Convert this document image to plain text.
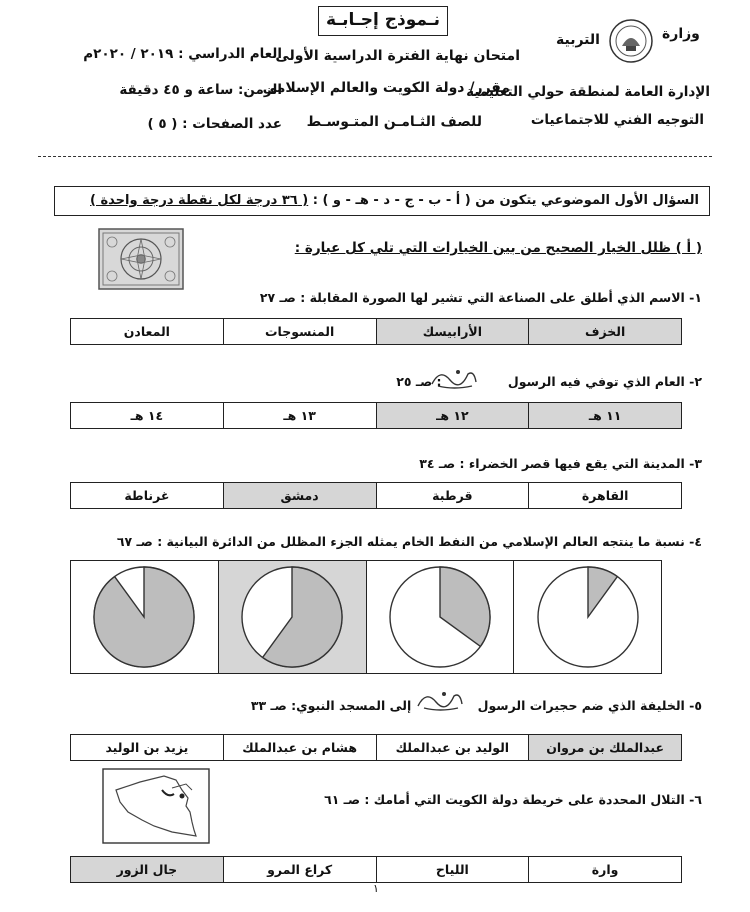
نـموذج إجـابـة
وزارة
التربية
الإدارة العامة لمنطقة حولي التعليمية
التوجيه الفني للاجتماعيات
امتحان نهاية الفترة الدراسية الأولى
مقرر/ دولة الكويت والعالم الإسلامي
للصف الثـامـن المتـوسـط
العام الدراسي : ٢٠١٩ / ٢٠٢٠م
الزمن: ساعة و ٤٥ دقيقة
عدد الصفحات : ( ٥ )
السؤال الأول الموضوعي يتكون من ( أ - ب - ج - د - هـ - و ) : ( ٣٦ درجة لكل نقطة درجة واحدة )
( أ ) ظلل الخيار الصحيح من بين الخيارات التي تلي كل عبارة :
١- الاسم الذي أطلق على الصناعة التي تشير لها الصورة المقابلة : صـ ٢٧
الخزف	الأرابيسك	المنسوجات	المعادن
٢- العام الذي توفي فيه الرسول
: صـ ٢٥
١١ هـ	١٢ هـ	١٣ هـ	١٤ هـ
٣- المدينة التي يقع فيها قصر الخضراء : صـ ٣٤
القاهرة	قرطبة	دمشق	غرناطة
٤- نسبة ما ينتجه العالم الإسلامي من النفط الخام يمثله الجزء المظلل من الدائرة البيانية : صـ ٦٧
٥- الخليفة الذي ضم حجيرات الرسول
إلى المسجد النبوي: صـ ٣٣
عبدالملك بن مروان	الوليد بن عبدالملك	هشام بن عبدالملك	يزيد بن الوليد
٦- التلال المحددة على خريطة دولة الكويت التي أمامك : صـ ٦١
وارة	اللياح	كراع المرو	جال الزور
١
